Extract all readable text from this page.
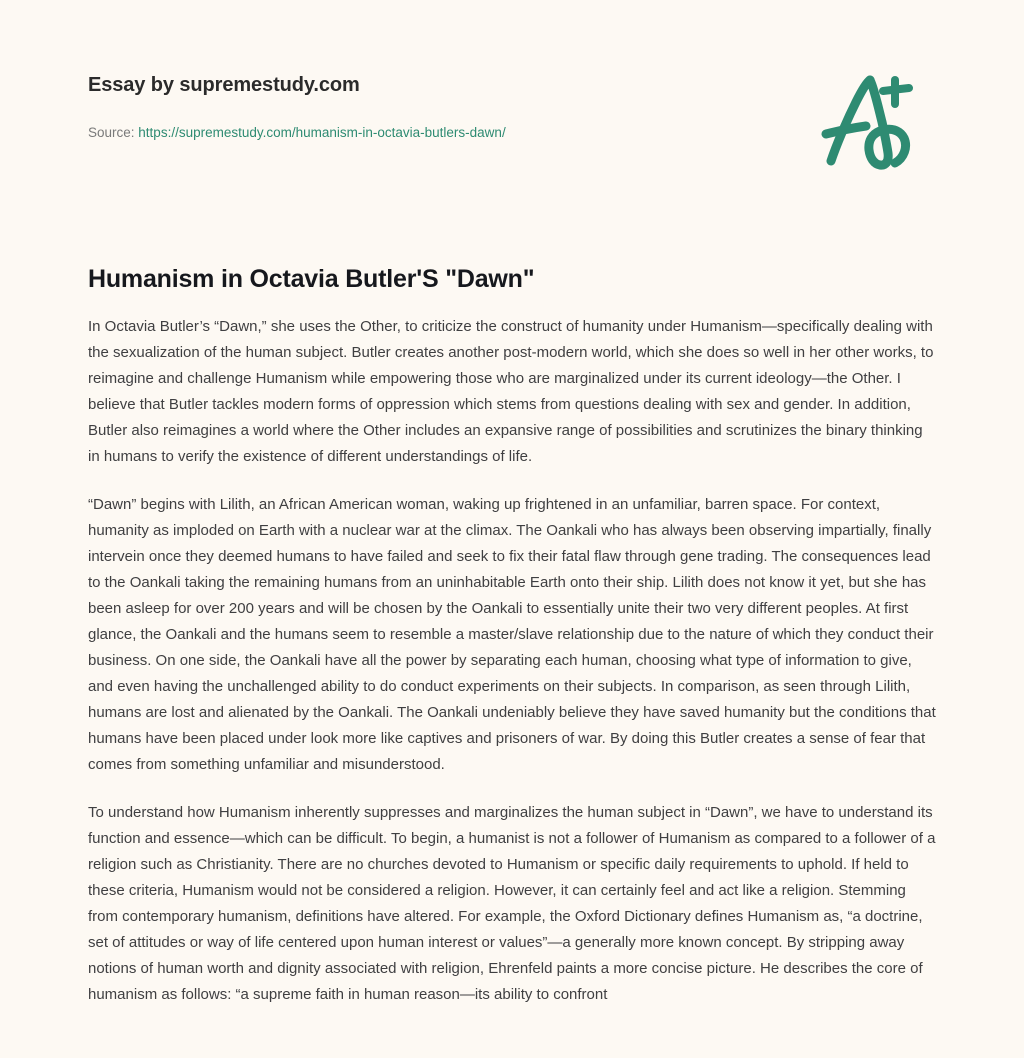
Essay by supremestudy.com
Source: https://supremestudy.com/humanism-in-octavia-butlers-dawn/
Humanism in Octavia Butler'S "Dawn"

In Octavia Butler’s “Dawn,” she uses the Other, to criticize the construct of humanity under Humanism—specifically dealing with the sexualization of the human subject. Butler creates another post-modern world, which she does so well in her other works, to reimagine and challenge Humanism while empowering those who are marginalized under its current ideology—the Other. I believe that Butler tackles modern forms of oppression which stems from questions dealing with sex and gender. In addition, Butler also reimagines a world where the Other includes an expansive range of possibilities and scrutinizes the binary thinking in humans to verify the existence of different understandings of life.

“Dawn” begins with Lilith, an African American woman, waking up frightened in an unfamiliar, barren space. For context, humanity as imploded on Earth with a nuclear war at the climax. The Oankali who has always been observing impartially, finally intervein once they deemed humans to have failed and seek to fix their fatal flaw through gene trading. The consequences lead to the Oankali taking the remaining humans from an uninhabitable Earth onto their ship. Lilith does not know it yet, but she has been asleep for over 200 years and will be chosen by the Oankali to essentially unite their two very different peoples. At first glance, the Oankali and the humans seem to resemble a master/slave relationship due to the nature of which they conduct their business. On one side, the Oankali have all the power by separating each human, choosing what type of information to give, and even having the unchallenged ability to do conduct experiments on their subjects. In comparison, as seen through Lilith, humans are lost and alienated by the Oankali. The Oankali undeniably believe they have saved humanity but the conditions that humans have been placed under look more like captives and prisoners of war. By doing this Butler creates a sense of fear that comes from something unfamiliar and misunderstood.

To understand how Humanism inherently suppresses and marginalizes the human subject in “Dawn”, we have to understand its function and essence—which can be difficult. To begin, a humanist is not a follower of Humanism as compared to a follower of a religion such as Christianity. There are no churches devoted to Humanism or specific daily requirements to uphold. If held to these criteria, Humanism would not be considered a religion. However, it can certainly feel and act like a religion. Stemming from contemporary humanism, definitions have altered. For example, the Oxford Dictionary defines Humanism as, “a doctrine, set of attitudes or way of life centered upon human interest or values”—a generally more known concept. By stripping away notions of human worth and dignity associated with religion, Ehrenfeld paints a more concise picture. He describes the core of humanism as follows: “a supreme faith in human reason—its ability to confront
